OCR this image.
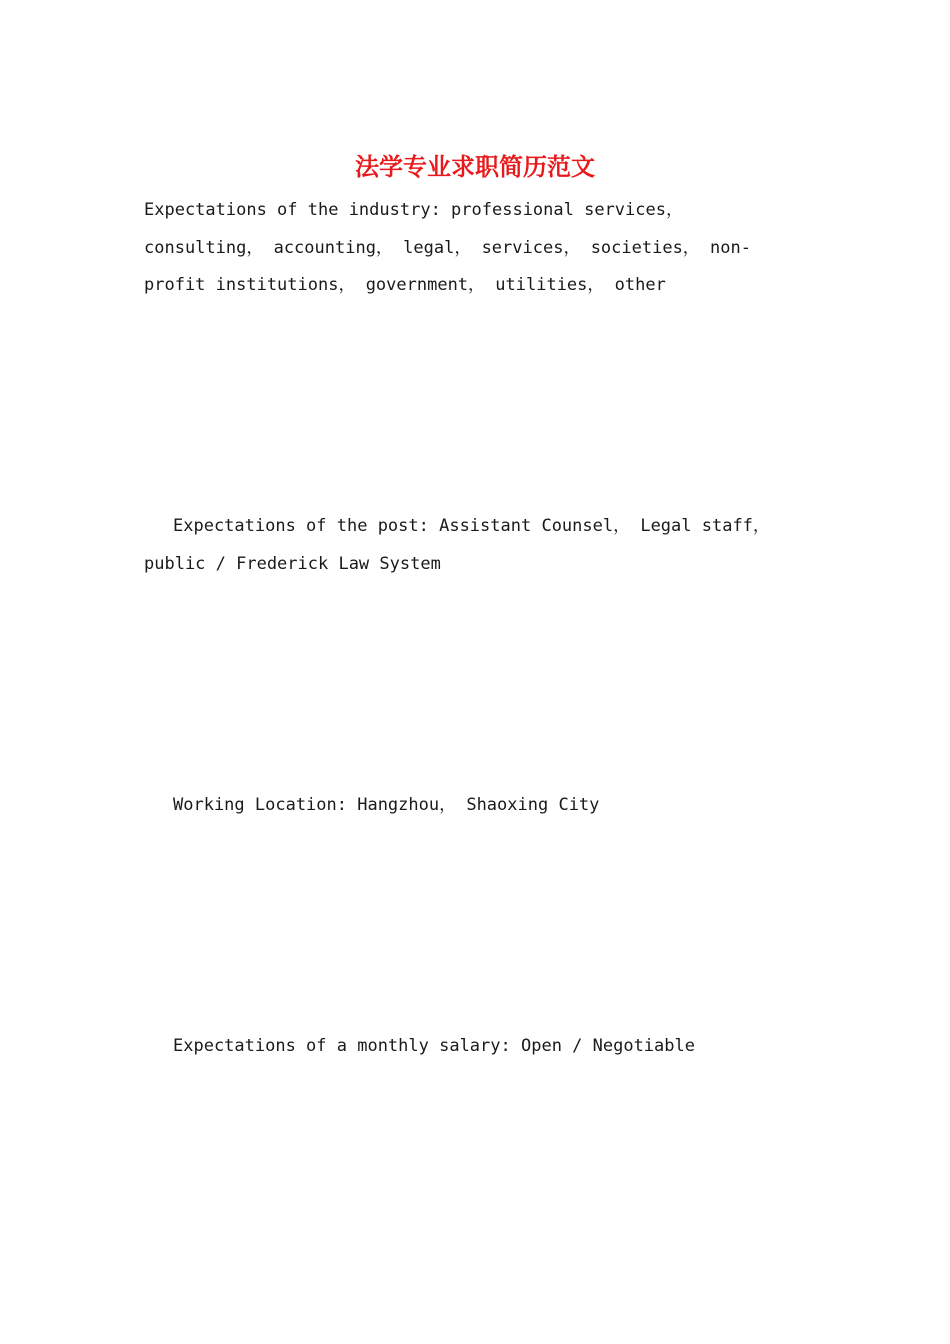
法学专业求职简历范文
Expectations of the industry: professional services， consulting， accounting， legal， services， societies， non-profit institutions， government， utilities， other
Expectations of the post: Assistant Counsel， Legal staff， public / Frederick Law System
Working Location: Hangzhou， Shaoxing City
Expectations of a monthly salary: Open / Negotiable
